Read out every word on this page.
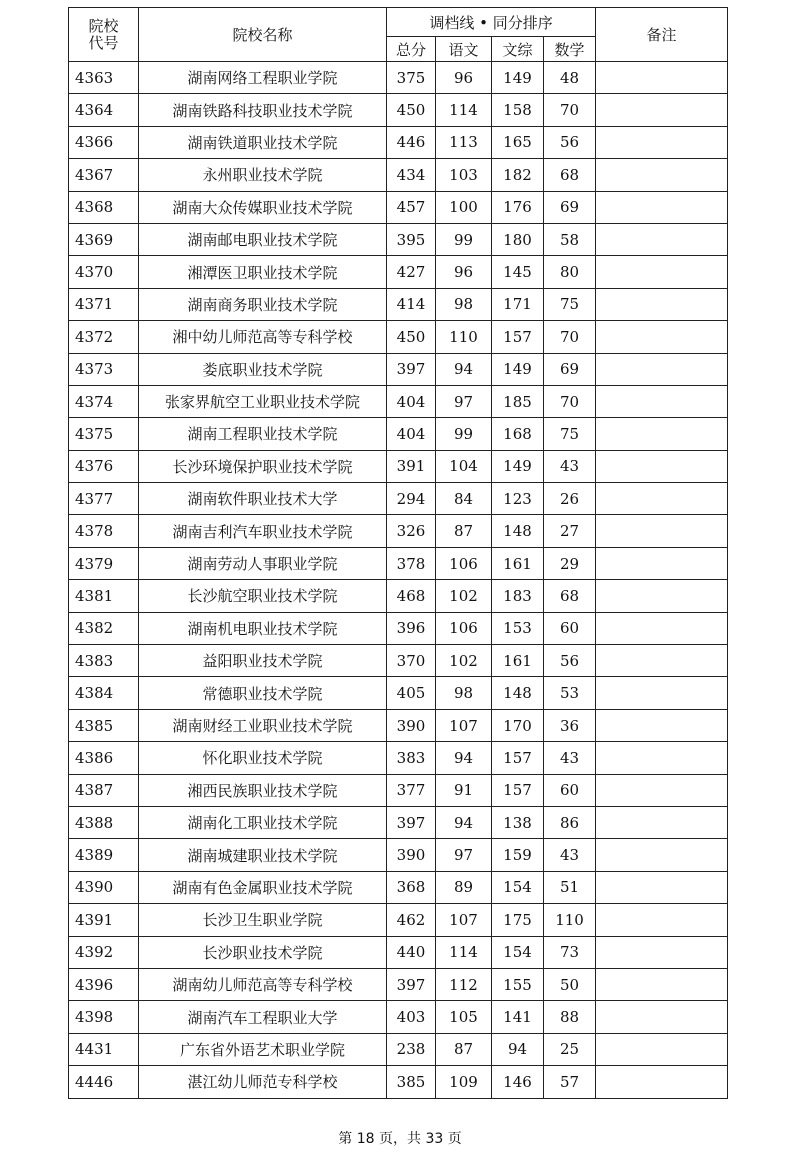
院校
代号	院校名称	调档线 • 同分排序				备注
		总分	语文	文综	数学	
4363	湖南网络工程职业学院	375	96	149	48	
4364	湖南铁路科技职业技术学院	450	114	158	70	
4366	湖南铁道职业技术学院	446	113	165	56	
4367	永州职业技术学院	434	103	182	68	
4368	湖南大众传媒职业技术学院	457	100	176	69	
4369	湖南邮电职业技术学院	395	99	180	58	
4370	湘潭医卫职业技术学院	427	96	145	80	
4371	湖南商务职业技术学院	414	98	171	75	
4372	湘中幼儿师范高等专科学校	450	110	157	70	
4373	娄底职业技术学院	397	94	149	69	
4374	张家界航空工业职业技术学院	404	97	185	70	
4375	湖南工程职业技术学院	404	99	168	75	
4376	长沙环境保护职业技术学院	391	104	149	43	
4377	湖南软件职业技术大学	294	84	123	26	
4378	湖南吉利汽车职业技术学院	326	87	148	27	
4379	湖南劳动人事职业学院	378	106	161	29	
4381	长沙航空职业技术学院	468	102	183	68	
4382	湖南机电职业技术学院	396	106	153	60	
4383	益阳职业技术学院	370	102	161	56	
4384	常德职业技术学院	405	98	148	53	
4385	湖南财经工业职业技术学院	390	107	170	36	
4386	怀化职业技术学院	383	94	157	43	
4387	湘西民族职业技术学院	377	91	157	60	
4388	湖南化工职业技术学院	397	94	138	86	
4389	湖南城建职业技术学院	390	97	159	43	
4390	湖南有色金属职业技术学院	368	89	154	51	
4391	长沙卫生职业学院	462	107	175	110	
4392	长沙职业技术学院	440	114	154	73	
4396	湖南幼儿师范高等专科学校	397	112	155	50	
4398	湖南汽车工程职业大学	403	105	141	88	
4431	广东省外语艺术职业学院	238	87	94	25	
4446	湛江幼儿师范专科学校	385	109	146	57	
第 18 页，共 33 页
